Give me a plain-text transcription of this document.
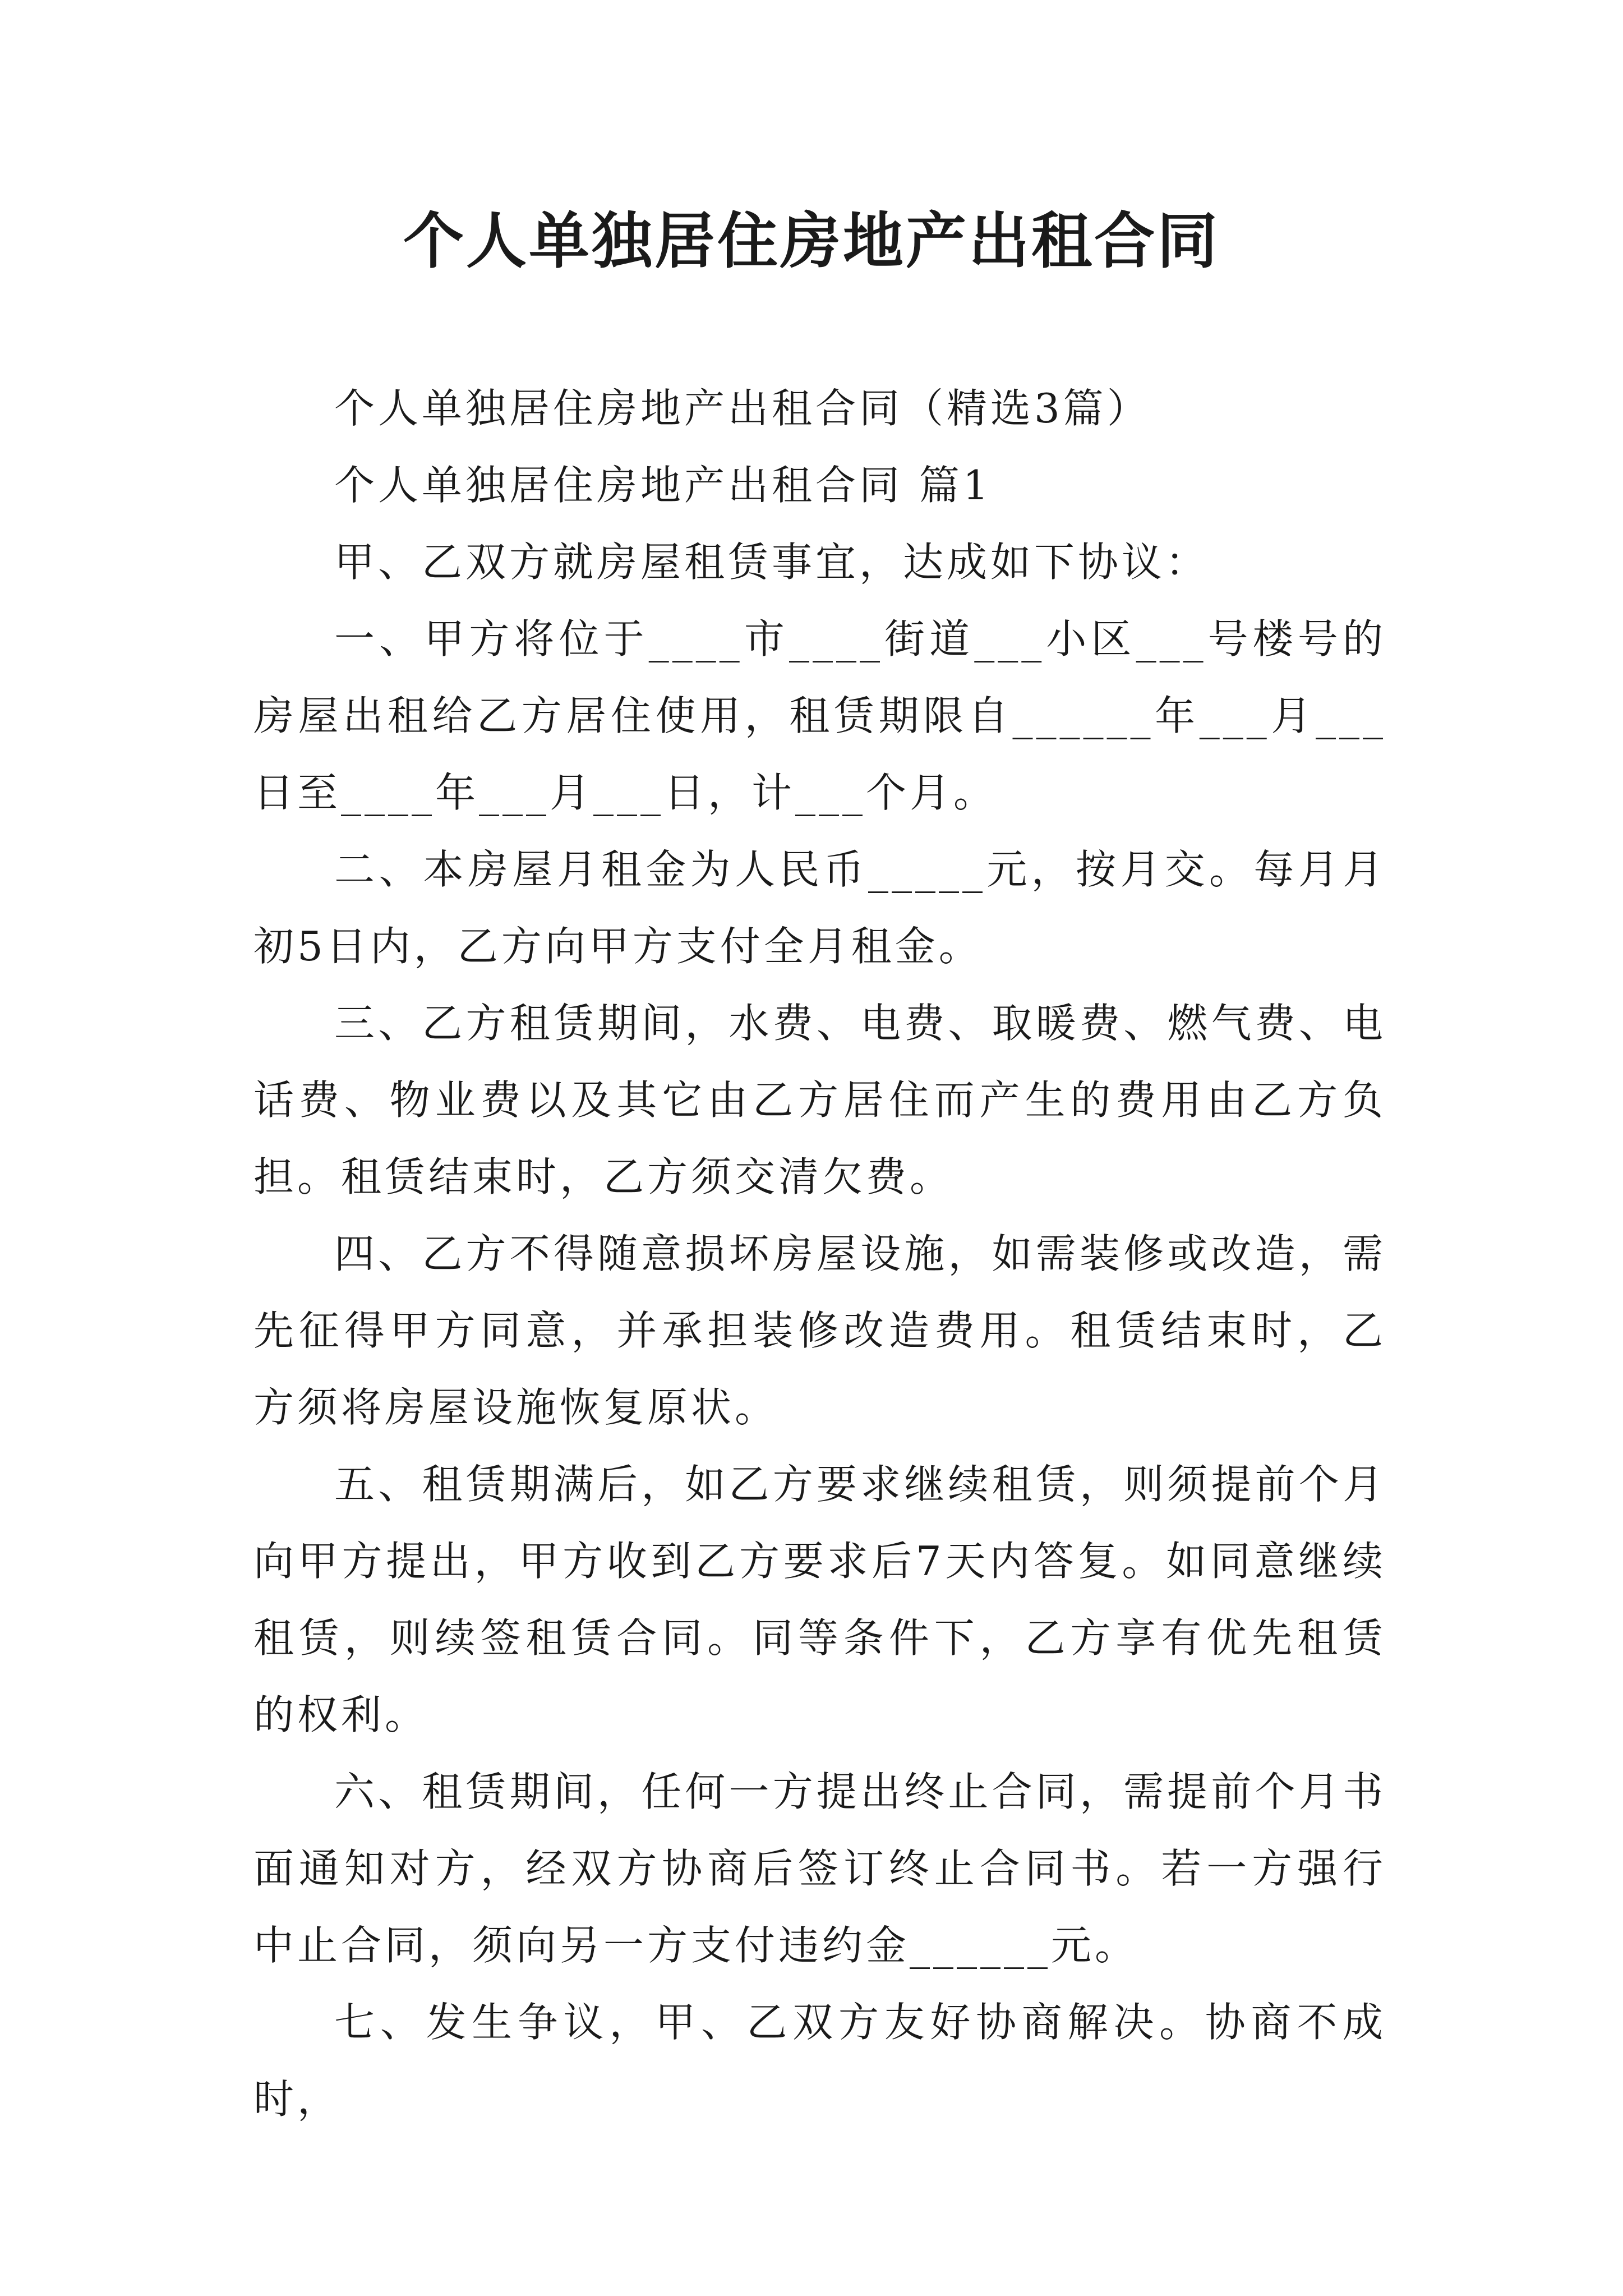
个人单独居住房地产出租合同

个人单独居住房地产出租合同（精选3篇）

个人单独居住房地产出租合同 篇1

甲、乙双方就房屋租赁事宜，达成如下协议：

一、甲方将位于____市____街道___小区___号楼号的房屋出租给乙方居住使用，租赁期限自______年___月___日至____年___月___日，计___个月。

二、本房屋月租金为人民币_____元，按月交。每月月初5日内，乙方向甲方支付全月租金。

三、乙方租赁期间，水费、电费、取暖费、燃气费、电话费、物业费以及其它由乙方居住而产生的费用由乙方负担。租赁结束时，乙方须交清欠费。

四、乙方不得随意损坏房屋设施，如需装修或改造，需先征得甲方同意，并承担装修改造费用。租赁结束时，乙方须将房屋设施恢复原状。

五、租赁期满后，如乙方要求继续租赁，则须提前个月向甲方提出，甲方收到乙方要求后7天内答复。如同意继续租赁，则续签租赁合同。同等条件下，乙方享有优先租赁的权利。

六、租赁期间，任何一方提出终止合同，需提前个月书面通知对方，经双方协商后签订终止合同书。若一方强行中止合同，须向另一方支付违约金______元。

七、发生争议，甲、乙双方友好协商解决。协商不成时，
